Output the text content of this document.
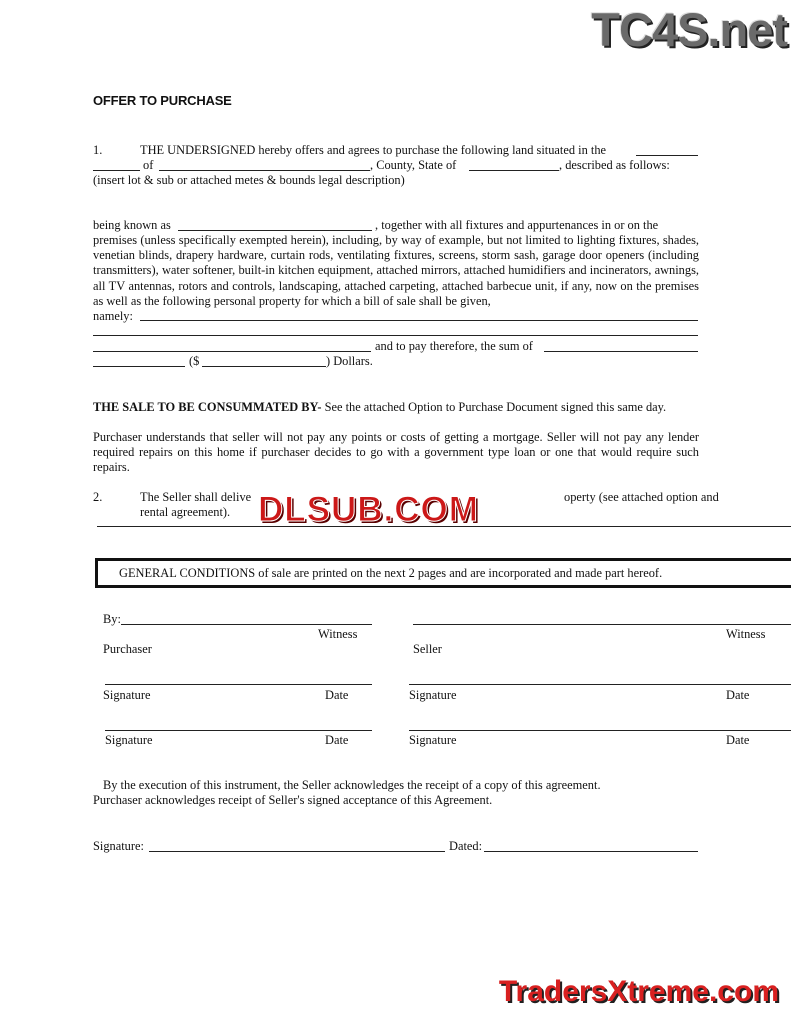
TC4S.net
OFFER TO PURCHASE
1.	THE UNDERSIGNED hereby offers and agrees to purchase the following land situated in the
of	, County, State of	, described as follows:
(insert lot & sub or attached metes & bounds legal description)
being known as	, together with all fixtures and appurtenances in or on the

premises (unless specifically exempted herein), including, by way of example, but not limited to lighting fixtures, shades, venetian blinds, drapery hardware, curtain rods, ventilating fixtures, screens, storm sash, garage door openers (including transmitters), water softener, built-in kitchen equipment, attached mirrors, attached humidifiers and incinerators, awnings, all TV antennas, rotors and controls, landscaping, attached carpeting, attached barbecue unit, if any, now on the premises as well as the following personal property for which a bill of sale shall be given,

namely:
and to pay therefore, the sum of
($	) Dollars.
THE SALE TO BE CONSUMMATED BY- See the attached Option to Purchase Document signed this same day.

Purchaser understands that seller will not pay any points or costs of getting a mortgage. Seller will not pay any lender required repairs on this home if purchaser decides to go with a government type loan or one that would require such repairs.

2.	The Seller shall delive	operty (see attached option and
rental agreement). DLSUB.COM
GENERAL CONDITIONS of sale are printed on the next 2 pages and are incorporated and made part hereof.
By:
Witness
Purchaser
Witness
Seller
Signature	Date	Signature	Date
Signature	Date	Signature	Date
By the execution of this instrument, the Seller acknowledges the receipt of a copy of this agreement.
Purchaser acknowledges receipt of Seller's signed acceptance of this Agreement.
Signature:	Dated:
TradersXtreme.com
